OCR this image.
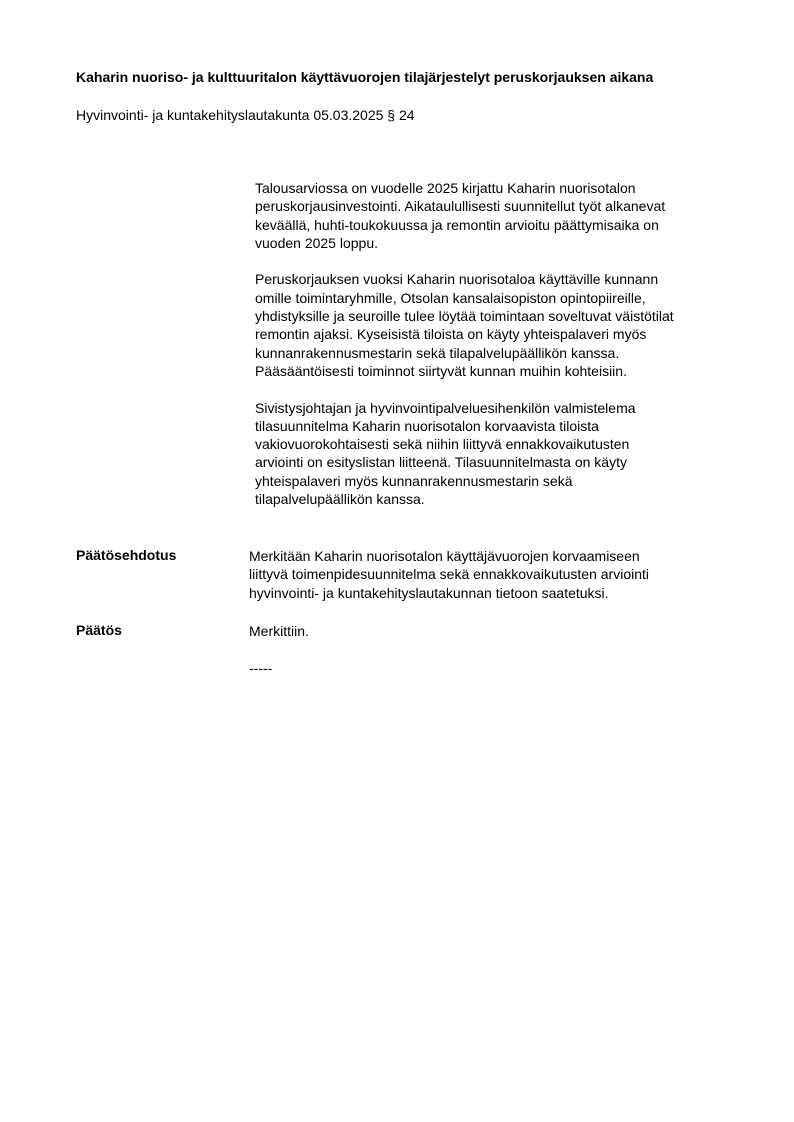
Kaharin nuoriso- ja kulttuuritalon käyttävuorojen tilajärjestelyt peruskorjauksen aikana
Hyvinvointi- ja kuntakehityslautakunta 05.03.2025 § 24

Talousarviossa on vuodelle 2025 kirjattu Kaharin nuorisotalon
peruskorjausinvestointi. Aikataulullisesti suunnitellut työt alkanevat
keväällä, huhti-toukokuussa ja remontin arvioitu päättymisaika on
vuoden 2025 loppu.

Peruskorjauksen vuoksi Kaharin nuorisotaloa käyttäville kunnann
omille toimintaryhmille, Otsolan kansalaisopiston opintopiireille,
yhdistyksille ja seuroille tulee löytää toimintaan soveltuvat väistötilat
remontin ajaksi. Kyseisistä tiloista on käyty yhteispalaveri myös
kunnanrakennusmestarin sekä tilapalvelupäällikön kanssa.
Pääsääntöisesti toiminnot siirtyvät kunnan muihin kohteisiin.

Sivistysjohtajan ja hyvinvointipalveluesihenkilön valmistelema
tilasuunnitelma Kaharin nuorisotalon korvaavista tiloista
vakiovuorokohtaisesti sekä niihin liittyvä ennakkovaikutusten
arviointi on esityslistan liitteenä. Tilasuunnitelmasta on käyty
yhteispalaveri myös kunnanrakennusmestarin sekä
tilapalvelupäällikön kanssa.

Päätösehdotus	Merkitään Kaharin nuorisotalon käyttäjävuorojen korvaamiseen
liittyvä toimenpidesuunnitelma sekä ennakkovaikutusten arviointi
hyvinvointi- ja kuntakehityslautakunnan tietoon saatetuksi.
Päätös	Merkittiin.
-----
